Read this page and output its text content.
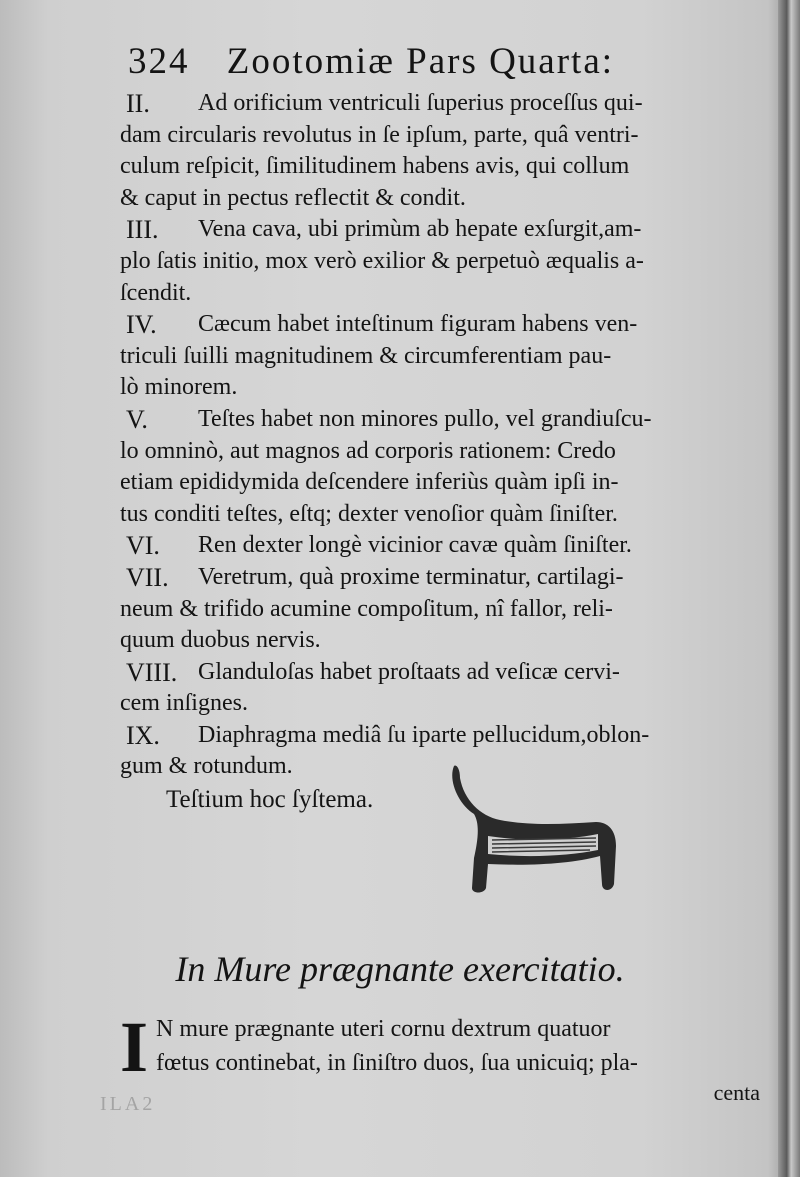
324 Zootomiæ Pars Quarta:
II.	Ad orificium ventriculi ſuperius proceſſus qui-
dam circularis revolutus in ſe ipſum, parte, quâ ventri-
culum reſpicit, ſimilitudinem habens avis, qui collum
& caput in pectus reflectit & condit.
III.	Vena cava, ubi primùm ab hepate exſurgit,am-
plo ſatis initio, mox verò exilior & perpetuò æqualis a-
ſcendit.
IV.	Cæcum habet inteſtinum figuram habens ven-
triculi ſuilli magnitudinem & circumferentiam pau-
lò minorem.
V.	Teſtes habet non minores pullo, vel grandiuſcu-
lo omninò, aut magnos ad corporis rationem: Credo
etiam epididymida deſcendere inferiùs quàm ipſi in-
tus conditi teſtes, eſtq; dexter venoſior quàm ſiniſter.
VI.	Ren dexter longè vicinior cavæ quàm ſiniſter.
VII.	Veretrum, quà proxime terminatur, cartilagi-
neum & trifido acumine compoſitum, nî fallor, reli-
quum duobus nervis.
VIII. Glanduloſas habet proſtaats ad veſicæ cervi-
cem inſignes.
IX.	Diaphragma mediâ ſu iparte pellucidum,oblon-
gum & rotundum.
Teſtium hoc ſyſtema.
In Mure prægnante exercitatio.
I N mure prægnante uteri cornu dextrum quatuor
fœtus continebat, in ſiniſtro duos, ſua unicuiq; pla-
centa
ILA2
